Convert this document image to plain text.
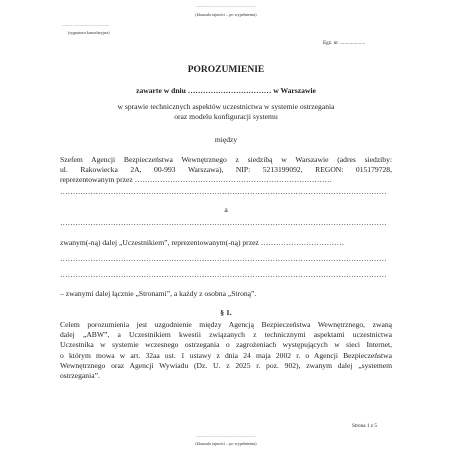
..........................................................
(klauzula tajności – po wypełnieniu)
.............................................
(sygnatura kancelaryjna)
Egz. nr ....................
POROZUMIENIE
zawarte w dniu …………………………… w Warszawie
w sprawie technicznych aspektów uczestnictwa w systemie ostrzegania
oraz modelu konfiguracji systemu
między
Szefem Agencji Bezpieczeństwa Wewnętrznego z siedzibą w Warszawie (adres siedziby:
ul. Rakowiecka 2A, 00-993 Warszawa), NIP: 5213199092, REGON: 015179728,
reprezentowanym przez ……………………………………………………………………
…………………………………………………………………………………………………………………
a
…………………………………………………………………………………………………………………
zwanym(-ną) dalej „Uczestnikiem”, reprezentowanym(-ną) przez ……………………………
…………………………………………………………………………………………………………………
…………………………………………………………………………………………………………………
– zwanymi dalej łącznie „Stronami”, a każdy z osobna „Stroną”.
§ 1.
Celem porozumienia jest uzgodnienie między Agencją Bezpieczeństwa Wewnętrznego, zwaną
dalej „ABW”, a Uczestnikiem kwestii związanych z technicznymi aspektami uczestnictwa
Uczestnika w systemie wczesnego ostrzegania o zagrożeniach występujących w sieci Internet,
o którym mowa w art. 32aa ust. 1 ustawy z dnia 24 maja 2002 r. o Agencji Bezpieczeństwa
Wewnętrznego oraz Agencji Wywiadu (Dz. U. z 2025 r. poz. 902), zwanym dalej „systemem
ostrzegania”.
Strona 1 z 5
..........................................................
(klauzula tajności – po wypełnieniu)
